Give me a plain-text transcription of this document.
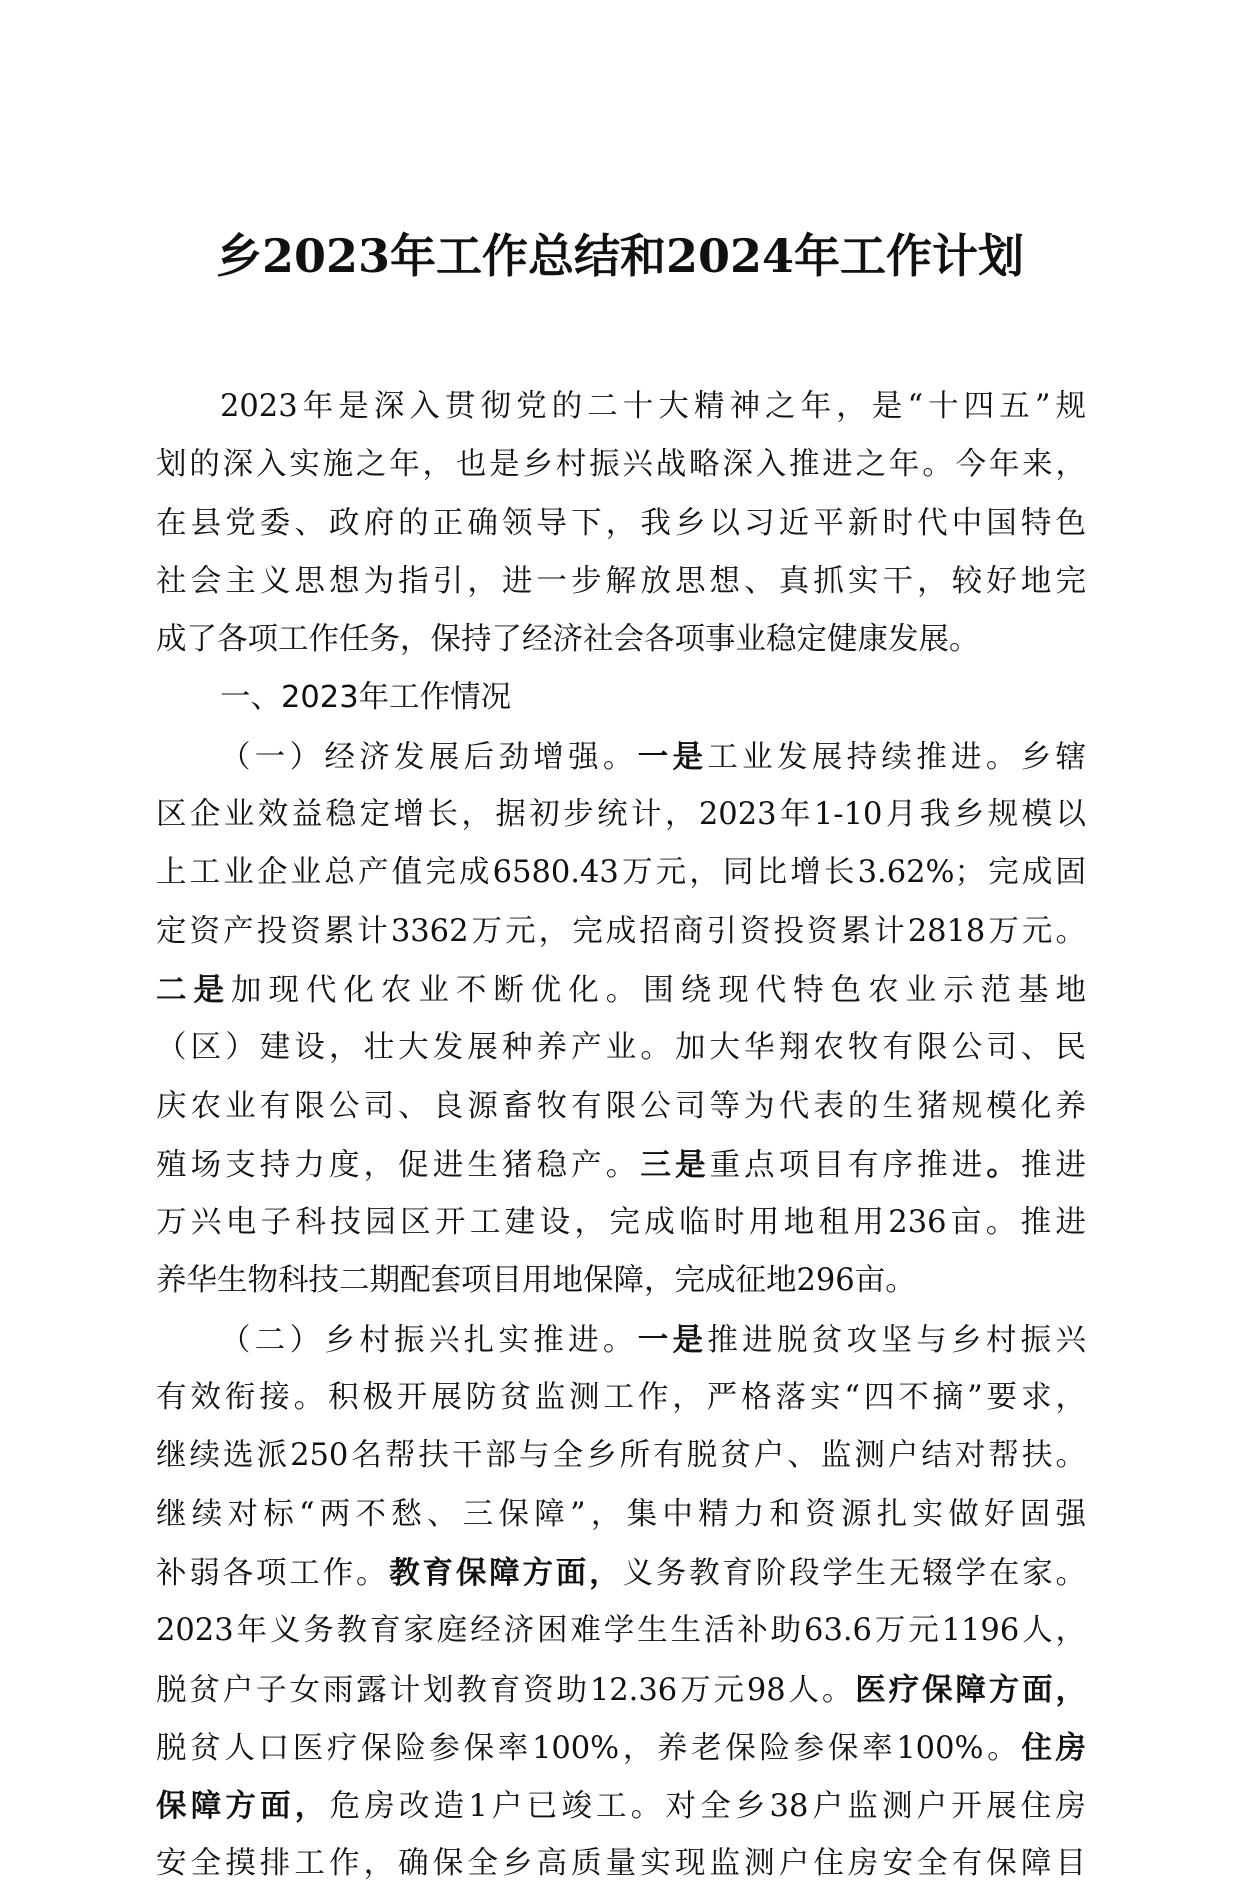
乡2023年工作总结和2024年工作计划
2023年是深入贯彻党的二十大精神之年，是“十四五”规
划的深入实施之年，也是乡村振兴战略深入推进之年。今年来，
在县党委、政府的正确领导下，我乡以习近平新时代中国特色
社会主义思想为指引，进一步解放思想、真抓实干，较好地完
成了各项工作任务，保持了经济社会各项事业稳定健康发展。
一、2023年工作情况
（一）经济发展后劲增强。一是工业发展持续推进。乡辖
区企业效益稳定增长，据初步统计，2023年1-10月我乡规模以
上工业企业总产值完成6580.43万元，同比增长3.62%；完成固
定资产投资累计3362万元，完成招商引资投资累计2818万元。
二是加现代化农业不断优化。围绕现代特色农业示范基地
（区）建设，壮大发展种养产业。加大华翔农牧有限公司、民
庆农业有限公司、良源畜牧有限公司等为代表的生猪规模化养
殖场支持力度，促进生猪稳产。三是重点项目有序推进。推进
万兴电子科技园区开工建设，完成临时用地租用236亩。推进
养华生物科技二期配套项目用地保障，完成征地296亩。
（二）乡村振兴扎实推进。一是推进脱贫攻坚与乡村振兴
有效衔接。积极开展防贫监测工作，严格落实“四不摘”要求，
继续选派250名帮扶干部与全乡所有脱贫户、监测户结对帮扶。
继续对标“两不愁、三保障”，集中精力和资源扎实做好固强
补弱各项工作。教育保障方面，义务教育阶段学生无辍学在家。
2023年义务教育家庭经济困难学生生活补助63.6万元1196人，
脱贫户子女雨露计划教育资助12.36万元98人。医疗保障方面，
脱贫人口医疗保险参保率100%，养老保险参保率100%。住房
保障方面，危房改造1户已竣工。对全乡38户监测户开展住房
安全摸排工作，确保全乡高质量实现监测户住房安全有保障目
